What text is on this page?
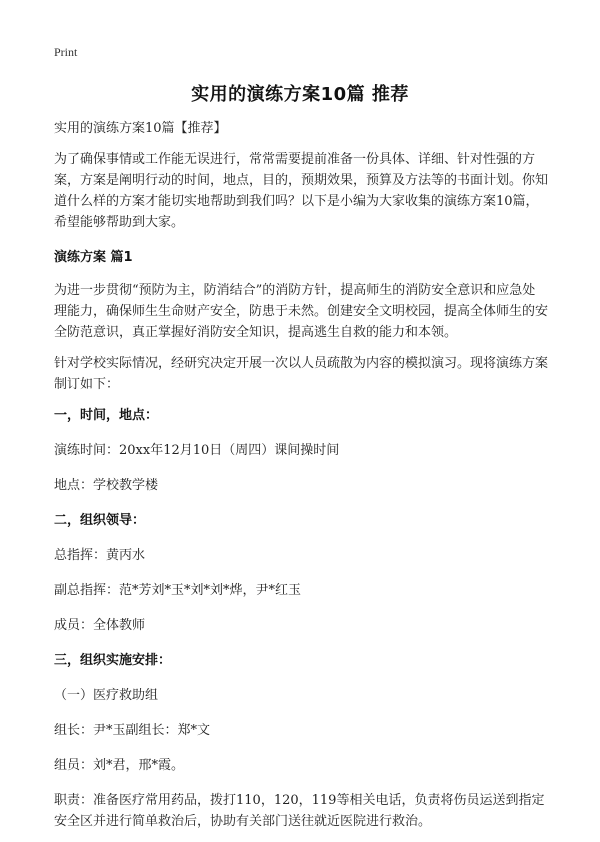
Print
实用的演练方案10篇 推荐

实用的演练方案10篇【推荐】

为了确保事情或工作能无误进行，常常需要提前准备一份具体、详细、针对性强的方案，方案是阐明行动的时间，地点，目的，预期效果，预算及方法等的书面计划。你知道什么样的方案才能切实地帮助到我们吗？以下是小编为大家收集的演练方案10篇，希望能够帮助到大家。

演练方案 篇1

为进一步贯彻“预防为主，防消结合”的消防方针，提高师生的消防安全意识和应急处理能力，确保师生生命财产安全，防患于未然。创建安全文明校园，提高全体师生的安全防范意识，真正掌握好消防安全知识，提高逃生自救的能力和本领。

针对学校实际情况，经研究决定开展一次以人员疏散为内容的模拟演习。现将演练方案制订如下：

一，时间，地点：

演练时间：20xx年12月10日（周四）课间操时间

地点：学校教学楼

二，组织领导：

总指挥：黄丙水

副总指挥：范*芳刘*玉*刘*刘*烨，尹*红玉

成员：全体教师

三，组织实施安排：

（一）医疗救助组

组长：尹*玉副组长：郑*文

组员：刘*君，邢*霞。

职责：准备医疗常用药品，拨打110，120，119等相关电话，负责将伤员运送到指定安全区并进行简单救治后，协助有关部门送往就近医院进行救治。
